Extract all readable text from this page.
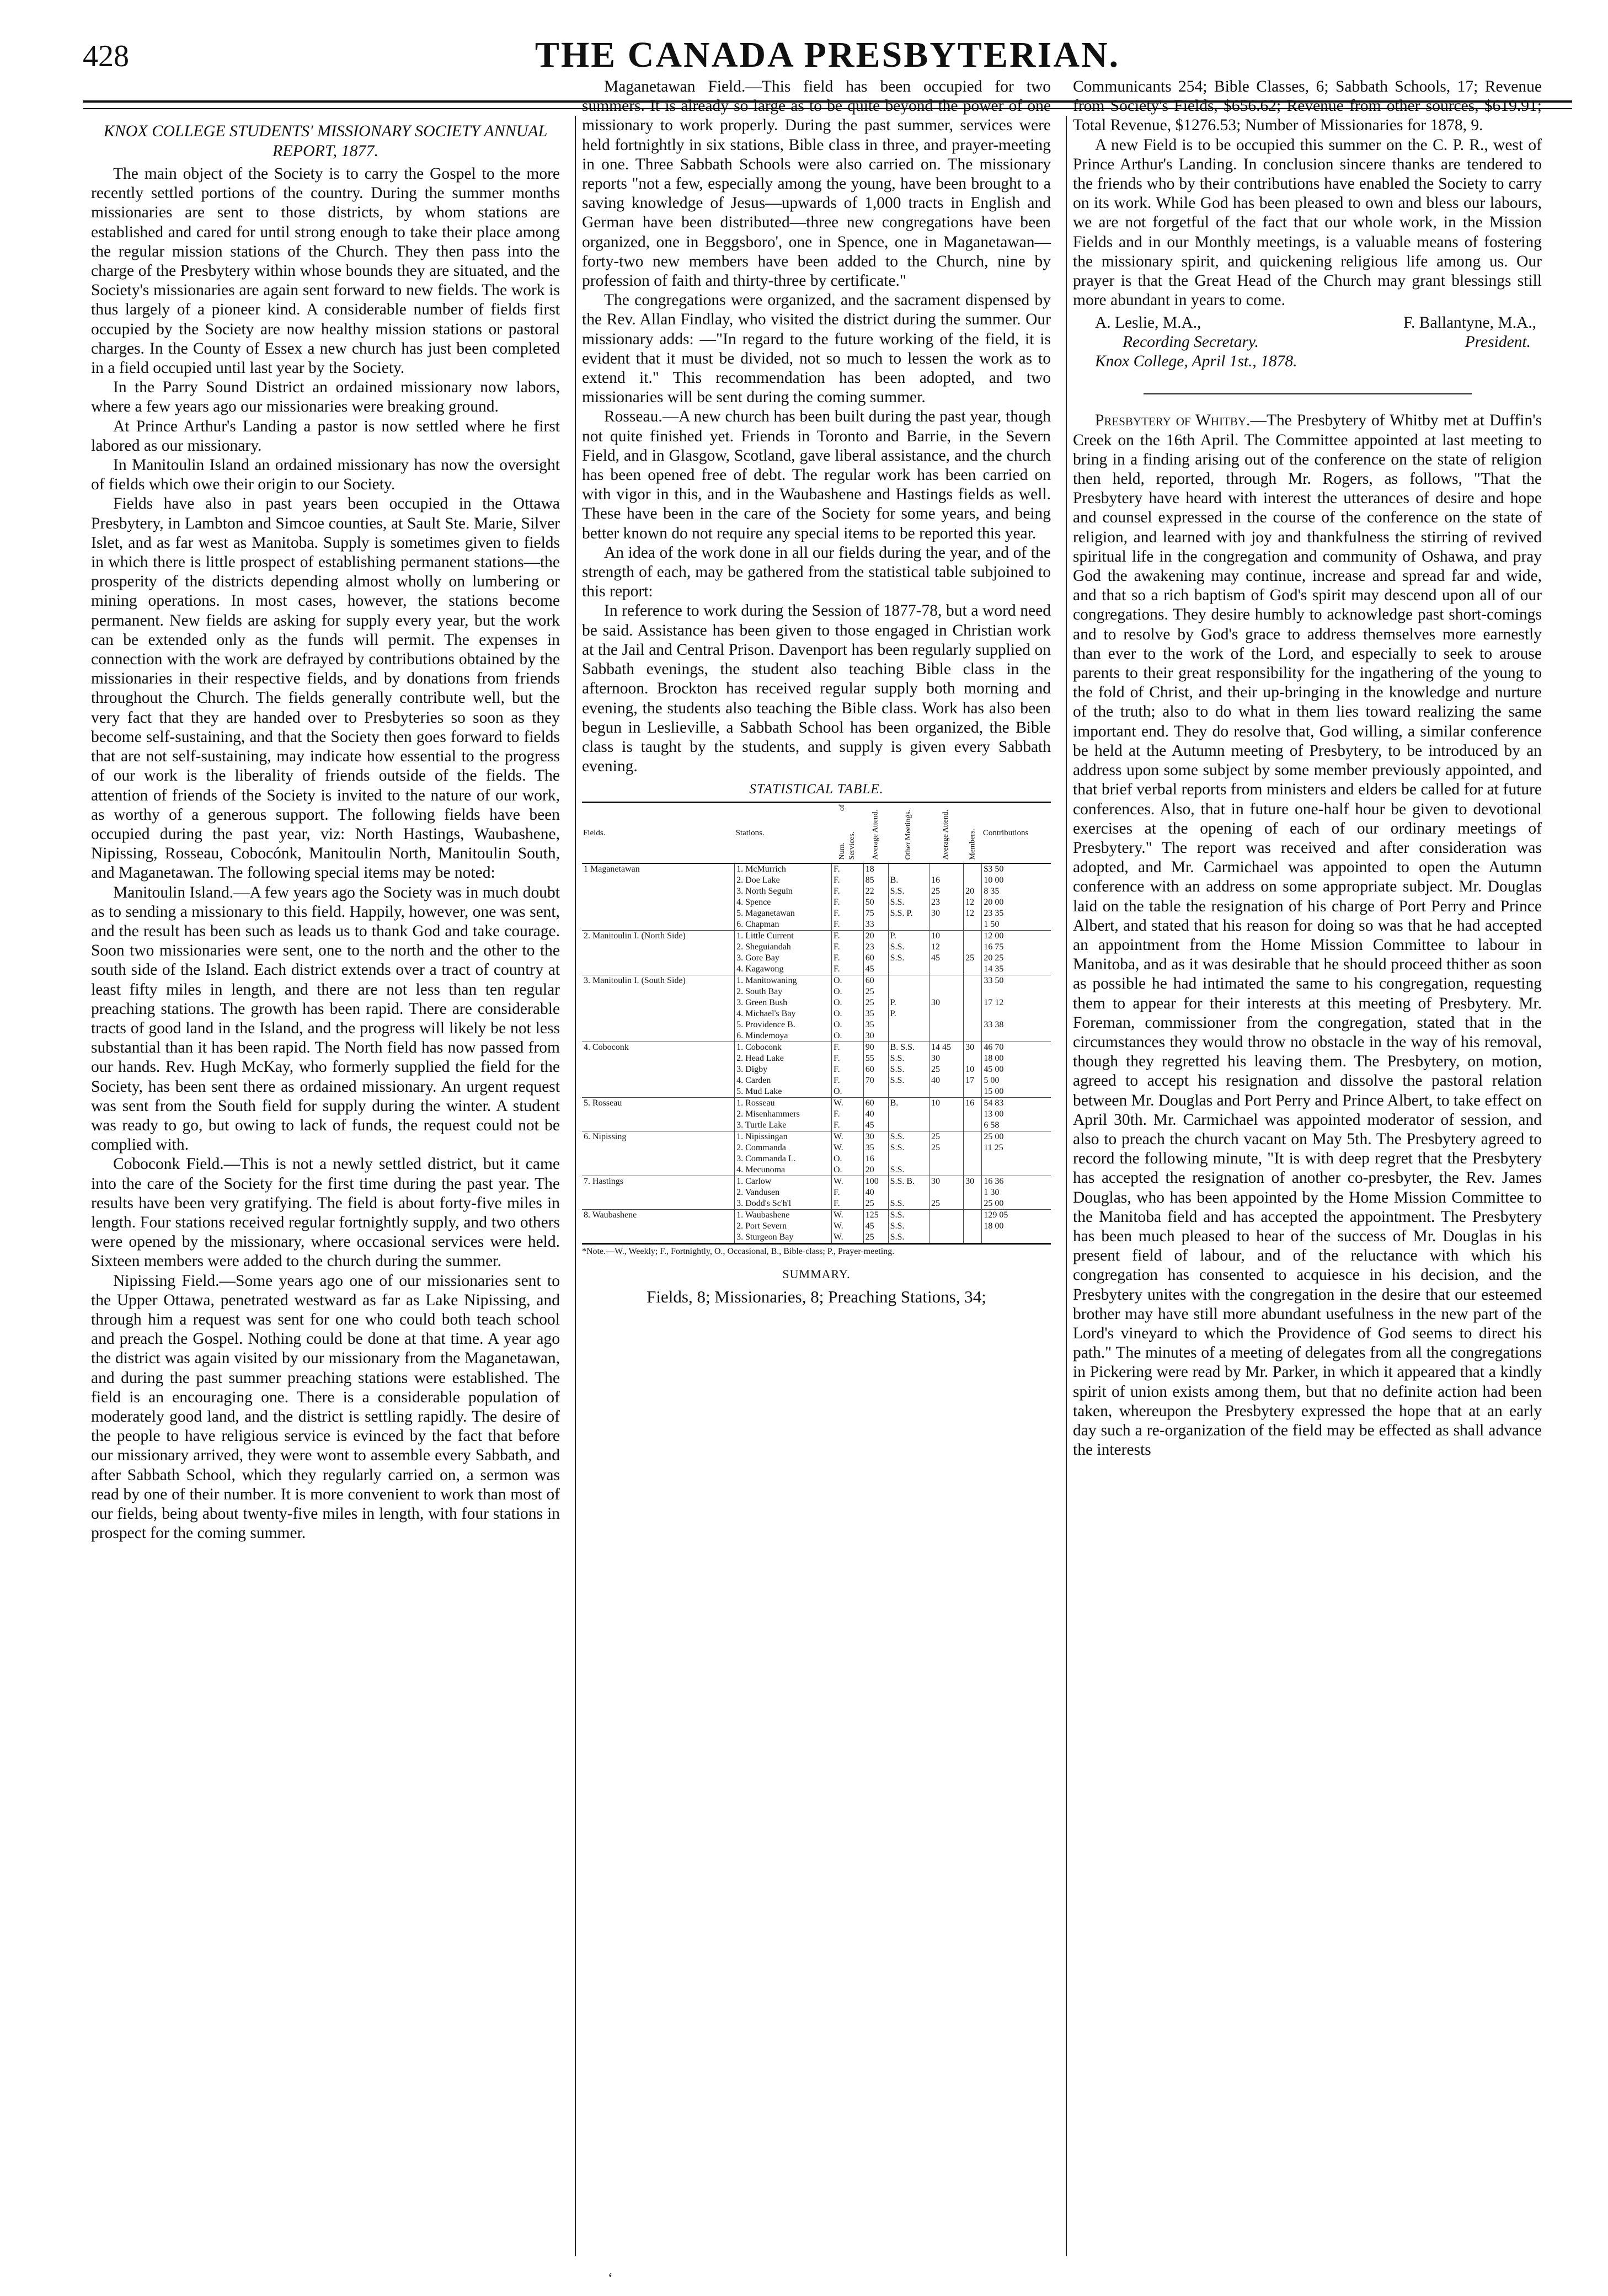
428	THE CANADA PRESBYTERIAN.
KNOX COLLEGE STUDENTS' MISSIONARY SOCIETY ANNUAL REPORT, 1877.

The main object of the Society is to carry the Gospel to the more recently settled portions of the country. During the summer months missionaries are sent to those districts, by whom stations are established and cared for until strong enough to take their place among the regular mission stations of the Church. They then pass into the charge of the Presbytery within whose bounds they are situated, and the Society's missionaries are again sent forward to new fields. The work is thus largely of a pioneer kind. A considerable number of fields first occupied by the Society are now healthy mission stations or pastoral charges. In the County of Essex a new church has just been completed in a field occupied until last year by the Society.

In the Parry Sound District an ordained missionary now labors, where a few years ago our missionaries were breaking ground.

At Prince Arthur's Landing a pastor is now settled where he first labored as our missionary.

In Manitoulin Island an ordained missionary has now the oversight of fields which owe their origin to our Society.

Fields have also in past years been occupied in the Ottawa Presbytery, in Lambton and Simcoe counties, at Sault Ste. Marie, Silver Islet, and as far west as Manitoba. Supply is sometimes given to fields in which there is little prospect of establishing permanent stations—the prosperity of the districts depending almost wholly on lumbering or mining operations. In most cases, however, the stations become permanent. New fields are asking for supply every year, but the work can be extended only as the funds will permit. The expenses in connection with the work are defrayed by contributions obtained by the missionaries in their respective fields, and by donations from friends throughout the Church. The fields generally contribute well, but the very fact that they are handed over to Presbyteries so soon as they become self-sustaining, and that the Society then goes forward to fields that are not self-sustaining, may indicate how essential to the progress of our work is the liberality of friends outside of the fields. The attention of friends of the Society is invited to the nature of our work, as worthy of a generous support. The following fields have been occupied during the past year, viz: North Hastings, Waubashene, Nipissing, Rosseau, Cobocónk, Manitoulin North, Manitoulin South, and Maganetawan. The following special items may be noted:

Manitoulin Island.—A few years ago the Society was in much doubt as to sending a missionary to this field. Happily, however, one was sent, and the result has been such as leads us to thank God and take courage. Soon two missionaries were sent, one to the north and the other to the south side of the Island. Each district extends over a tract of country at least fifty miles in length, and there are not less than ten regular preaching stations. The growth has been rapid. There are considerable tracts of good land in the Island, and the progress will likely be not less substantial than it has been rapid. The North field has now passed from our hands. Rev. Hugh McKay, who formerly supplied the field for the Society, has been sent there as ordained missionary. An urgent request was sent from the South field for supply during the winter. A student was ready to go, but owing to lack of funds, the request could not be complied with.

Coboconk Field.—This is not a newly settled district, but it came into the care of the Society for the first time during the past year. The results have been very gratifying. The field is about forty-five miles in length. Four stations received regular fortnightly supply, and two others were opened by the missionary, where occasional services were held. Sixteen members were added to the church during the summer.

Nipissing Field.—Some years ago one of our missionaries sent to the Upper Ottawa, penetrated westward as far as Lake Nipissing, and through him a request was sent for one who could both teach school and preach the Gospel. Nothing could be done at that time. A year ago the district was again visited by our missionary from the Maganetawan, and during the past summer preaching stations were established. The field is an encouraging one. There is a considerable population of moderately good land, and the district is settling rapidly. The desire of the people to have religious service is evinced by the fact that before our missionary arrived, they were wont to assemble every Sabbath, and after Sabbath School, which they regularly carried on, a sermon was read by one of their number. It is more convenient to work than most of our fields, being about twenty-five miles in length, with four stations in prospect for the coming summer.

Maganetawan Field.—This field has been occupied for two summers. It is already so large as to be quite beyond the power of one missionary to work properly. During the past summer, services were held fortnightly in six stations, Bible class in three, and prayer-meeting in one. Three Sabbath Schools were also carried on. The missionary reports "not a few, especially among the young, have been brought to a saving knowledge of Jesus—upwards of 1,000 tracts in English and German have been distributed—three new congregations have been organized, one in Beggsboro', one in Spence, one in Maganetawan—forty-two new members have been added to the Church, nine by profession of faith and thirty-three by certificate."

The congregations were organized, and the sacrament dispensed by the Rev. Allan Findlay, who visited the district during the summer. Our missionary adds: —"In regard to the future working of the field, it is evident that it must be divided, not so much to lessen the work as to extend it." This recommendation has been adopted, and two missionaries will be sent during the coming summer.

Rosseau.—A new church has been built during the past year, though not quite finished yet. Friends in Toronto and Barrie, in the Severn Field, and in Glasgow, Scotland, gave liberal assistance, and the church has been opened free of debt. The regular work has been carried on with vigor in this, and in the Waubashene and Hastings fields as well. These have been in the care of the Society for some years, and being better known do not require any special items to be reported this year.

An idea of the work done in all our fields during the year, and of the strength of each, may be gathered from the statistical table subjoined to this report:

In reference to work during the Session of 1877-78, but a word need be said. Assistance has been given to those engaged in Christian work at the Jail and Central Prison. Davenport has been regularly supplied on Sabbath evenings, the student also teaching Bible class in the afternoon. Brockton has received regular supply both morning and evening, the students also teaching the Bible class. Work has also been begun in Leslieville, a Sabbath School has been organized, the Bible class is taught by the students, and supply is given every Sabbath evening.

STATISTICAL TABLE.
Fields.	Stations.	Num. of Services.	Average Attend.	Other Meetings.	Average Attend.	Members.	Contributions
1 Maganetawan	1. McMurrich	F.	18				$3 50
	2. Doe Lake	F.	85	B.	16		10 00
	3. North Seguin	F.	22	S.S.	25	20	8 35
	4. Spence	F.	50	S.S.	23	12	20 00
	5. Maganetawan	F.	75	S.S. P.	30	12	23 35
	6. Chapman	F.	33				1 50
2. Manitoulin I. (North Side)	1. Little Current	F.	20	P.	10		12 00
	2. Sheguiandah	F.	23	S.S.	12		16 75
	3. Gore Bay	F.	60	S.S.	45	25	20 25
	4. Kagawong	F.	45				14 35
3. Manitoulin I. (South Side)	1. Manitowaning	O.	60				33 50
	2. South Bay	O.	25				
	3. Green Bush	O.	25	P.	30		17 12
	4. Michael's Bay	O.	35	P.			
	5. Providence B.	O.	35				33 38
	6. Mindemoya	O.	30				
4. Coboconk	1. Coboconk	F.	90	B. S.S.	14 45	30	46 70
	2. Head Lake	F.	55	S.S.	30		18 00
	3. Digby	F.	60	S.S.	25	10	45 00
	4. Carden	F.	70	S.S.	40	17	5 00
	5. Mud Lake	O.					15 00
5. Rosseau	1. Rosseau	W.	60	B.	10	16	54 83
	2. Misenhammers	F.	40				13 00
	3. Turtle Lake	F.	45				6 58
6. Nipissing	1. Nipissingan	W.	30	S.S.	25		25 00
	2. Commanda	W.	35	S.S.	25		11 25
	3. Commanda L.	O.	16				
	4. Mecunoma	O.	20	S.S.			
7. Hastings	1. Carlow	W.	100	S.S. B.	30	30	16 36
	2. Vandusen	F.	40				1 30
	3. Dodd's Sc'h'l	F.	25	S.S.	25		25 00
8. Waubashene	1. Waubashene	W.	125	S.S.			129 05
	2. Port Severn	W.	45	S.S.			18 00
	3. Sturgeon Bay	W.	25	S.S.			
*Note.—W., Weekly; F., Fortnightly, O., Occasional, B., Bible-class; P., Prayer-meeting.
SUMMARY.
Fields, 8; Missionaries, 8; Preaching Stations, 34;

Communicants 254; Bible Classes, 6; Sabbath Schools, 17; Revenue from Society's Fields, $656.62; Revenue from other sources, $619.91; Total Revenue, $1276.53; Number of Missionaries for 1878, 9.

A new Field is to be occupied this summer on the C. P. R., west of Prince Arthur's Landing. In conclusion sincere thanks are tendered to the friends who by their contributions have enabled the Society to carry on its work. While God has been pleased to own and bless our labours, we are not forgetful of the fact that our whole work, in the Mission Fields and in our Monthly meetings, is a valuable means of fostering the missionary spirit, and quickening religious life among us. Our prayer is that the Great Head of the Church may grant blessings still more abundant in years to come.

A. Leslie, M.A.,	F. Ballantyne, M.A.,
Recording Secretary.	President.
Knox College, April 1st., 1878.

Presbytery of Whitby.—The Presbytery of Whitby met at Duffin's Creek on the 16th April. The Committee appointed at last meeting to bring in a finding arising out of the conference on the state of religion then held, reported, through Mr. Rogers, as follows, "That the Presbytery have heard with interest the utterances of desire and hope and counsel expressed in the course of the conference on the state of religion, and learned with joy and thankfulness the stirring of revived spiritual life in the congregation and community of Oshawa, and pray God the awakening may continue, increase and spread far and wide, and that so a rich baptism of God's spirit may descend upon all of our congregations. They desire humbly to acknowledge past short-comings and to resolve by God's grace to address themselves more earnestly than ever to the work of the Lord, and especially to seek to arouse parents to their great responsibility for the ingathering of the young to the fold of Christ, and their up-bringing in the knowledge and nurture of the truth; also to do what in them lies toward realizing the same important end. They do resolve that, God willing, a similar conference be held at the Autumn meeting of Presbytery, to be introduced by an address upon some subject by some member previously appointed, and that brief verbal reports from ministers and elders be called for at future conferences. Also, that in future one-half hour be given to devotional exercises at the opening of each of our ordinary meetings of Presbytery." The report was received and after consideration was adopted, and Mr. Carmichael was appointed to open the Autumn conference with an address on some appropriate subject. Mr. Douglas laid on the table the resignation of his charge of Port Perry and Prince Albert, and stated that his reason for doing so was that he had accepted an appointment from the Home Mission Committee to labour in Manitoba, and as it was desirable that he should proceed thither as soon as possible he had intimated the same to his congregation, requesting them to appear for their interests at this meeting of Presbytery. Mr. Foreman, commissioner from the congregation, stated that in the circumstances they would throw no obstacle in the way of his removal, though they regretted his leaving them. The Presbytery, on motion, agreed to accept his resignation and dissolve the pastoral relation between Mr. Douglas and Port Perry and Prince Albert, to take effect on April 30th. Mr. Carmichael was appointed moderator of session, and also to preach the church vacant on May 5th. The Presbytery agreed to record the following minute, "It is with deep regret that the Presbytery has accepted the resignation of another co-presbyter, the Rev. James Douglas, who has been appointed by the Home Mission Committee to the Manitoba field and has accepted the appointment. The Presbytery has been much pleased to hear of the success of Mr. Douglas in his present field of labour, and of the reluctance with which his congregation has consented to acquiesce in his decision, and the Presbytery unites with the congregation in the desire that our esteemed brother may have still more abundant usefulness in the new part of the Lord's vineyard to which the Providence of God seems to direct his path." The minutes of a meeting of delegates from all the congregations in Pickering were read by Mr. Parker, in which it appeared that a kindly spirit of union exists among them, but that no definite action had been taken, whereupon the Presbytery expressed the hope that at an early day such a re-organization of the field may be effected as shall advance the interests

‘
